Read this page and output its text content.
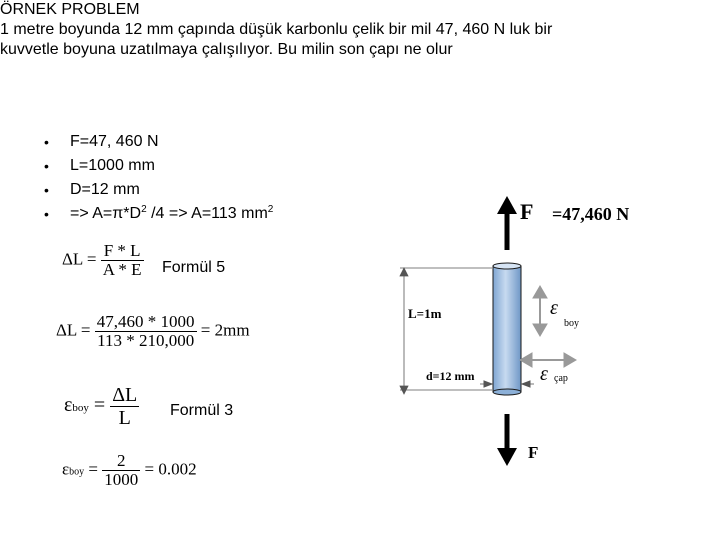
ÖRNEK PROBLEM
1 metre boyunda 12 mm çapında düşük karbonlu çelik bir mil 47, 460 N luk bir
kuvvetle boyuna uzatılmaya çalışılıyor. Bu milin son çapı ne olur
•	F=47, 460 N
•	L=1000 mm
•	D=12 mm
•	=> $A=\pi*D^2$ /4 => A=113 $mm^2$
$\Delta L = \frac{F * L}{A * E}$ Formül 5
$\Delta L = \frac{47,460 * 1000}{113 * 210,000} = 2mm$
$\varepsilon boy = \frac{\Delta L}{L}$ Formül 3
$\varepsilon boy = \frac{2}{1000} = 0.002$
F =47,460 N
L=1m	ε
boy
d=12 mm	ε çap
F
